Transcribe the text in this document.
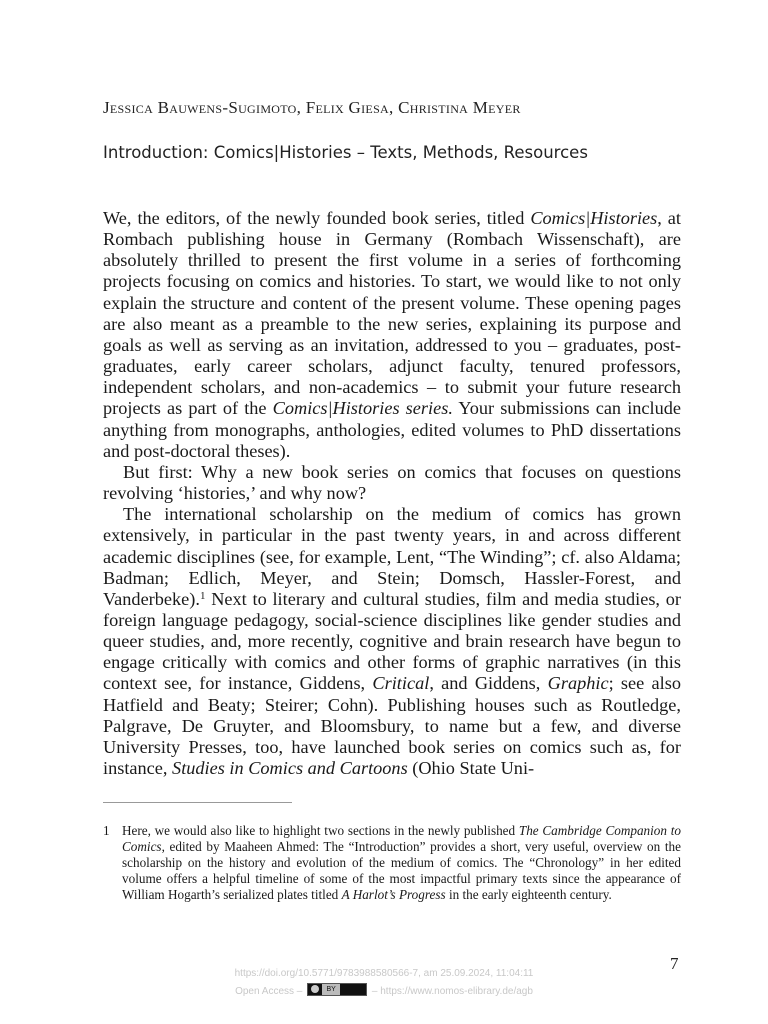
Jessica Bauwens-Sugimoto, Felix Giesa, Christina Meyer
Introduction: Comics|Histories – Texts, Methods, Resources

We, the editors, of the newly founded book series, titled Comics|Histories, at Rombach publishing house in Germany (Rombach Wissenschaft), are absolutely thrilled to present the first volume in a series of forthcoming projects focusing on comics and histories. To start, we would like to not only explain the structure and content of the present volume. These opening pages are also meant as a preamble to the new series, explaining its purpose and goals as well as serving as an invitation, addressed to you – graduates, post-graduates, early career scholars, adjunct faculty, tenured professors, independent scholars, and non-academics – to submit your future research projects as part of the Comics|Histories series. Your submissions can include anything from monographs, anthologies, edited volumes to PhD dissertations and post-doctoral theses).

But first: Why a new book series on comics that focuses on questions revolving ‘histories,’ and why now?

The international scholarship on the medium of comics has grown extensively, in particular in the past twenty years, in and across different academic disciplines (see, for example, Lent, “The Winding”; cf. also Aldama; Badman; Edlich, Meyer, and Stein; Domsch, Hassler-Forest, and Vanderbeke).$^1$ Next to literary and cultural studies, film and media studies, or foreign language pedagogy, social-science disciplines like gender studies and queer studies, and, more recently, cognitive and brain research have begun to engage critically with comics and other forms of graphic narratives (in this context see, for instance, Giddens, Critical, and Giddens, Graphic; see also Hatfield and Beaty; Steirer; Cohn). Publishing houses such as Routledge, Palgrave, De Gruyter, and Bloomsbury, to name but a few, and diverse University Presses, too, have launched book series on comics such as, for instance, Studies in Comics and Cartoons (Ohio State Uni-

1 Here, we would also like to highlight two sections in the newly published The Cambridge Companion to Comics, edited by Maaheen Ahmed: The “Introduction” provides a short, very useful, overview on the scholarship on the history and evolution of the medium of comics. The “Chronology” in her edited volume offers a helpful timeline of some of the most impactful primary texts since the appearance of William Hogarth’s serialized plates titled A Harlot’s Progress in the early eighteenth century.
7
https://doi.org/10.5771/9783988580566-7, am 25.09.2024, 11:04:11
Open Access –	BY	– https://www.nomos-elibrary.de/agb
